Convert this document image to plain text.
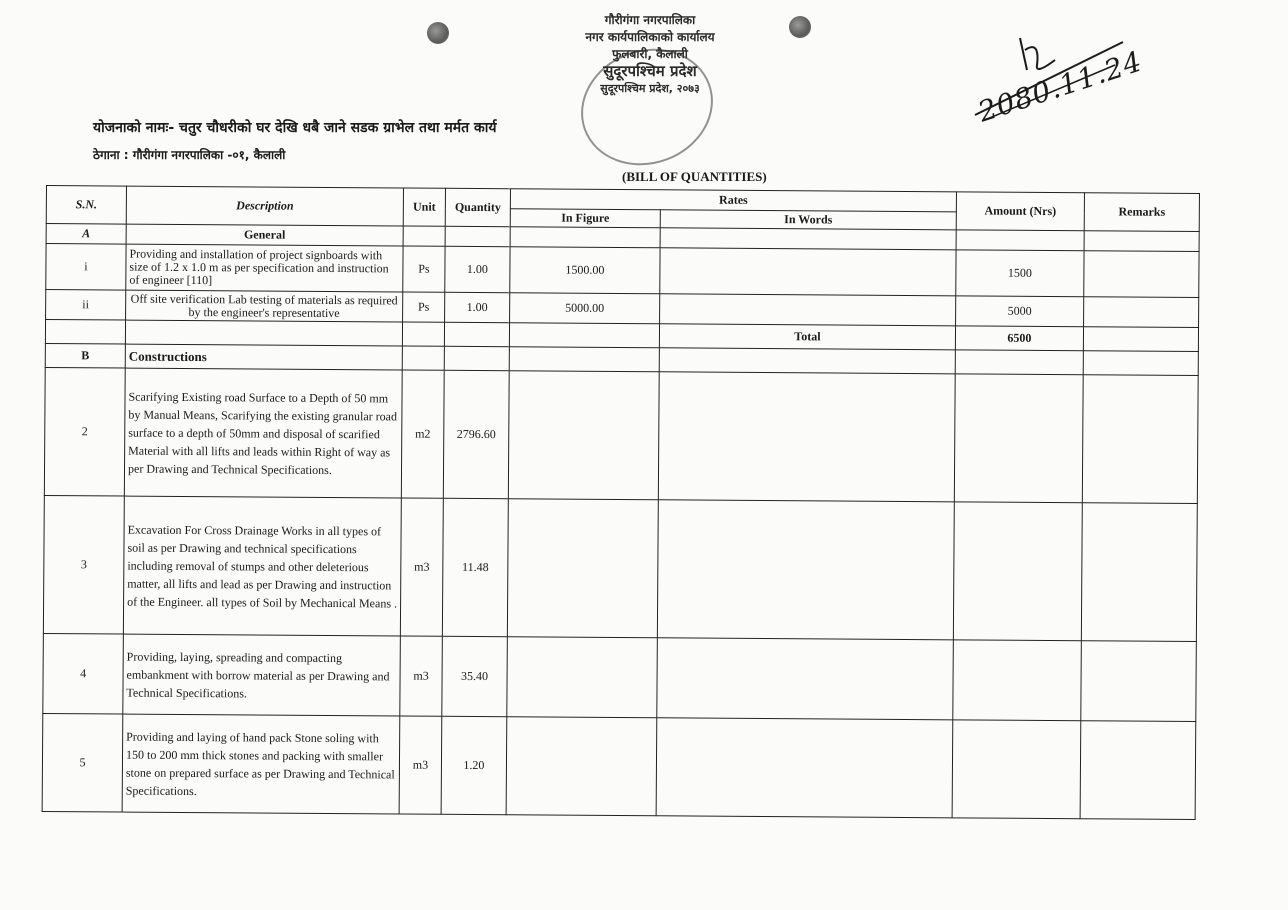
गौरीगंगा नगरपालिका
नगर कार्यपालिकाको कार्यालय
फुलबारी, कैलाली
सुदूरपश्चिम प्रदेश
सुदूरपश्चिम प्रदेश, २०७३	2080.11.24
योजनाको नामः- चतुर चौधरीको घर देखि धबै जाने सडक ग्राभेल तथा मर्मत कार्य
ठेगाना : गौरीगंगा नगरपालिका -०१, कैलाली
(BILL OF QUANTITIES)
S.N.	Description	Unit	Quantity	Rates		Amount (Nrs)	Remarks
				In Figure	In Words		
A	General						
i	Providing and installation of project signboards with size of 1.2 x 1.0 m as per specification and instruction of engineer [110]	Ps	1.00	1500.00		1500	
ii	Off site verification Lab testing of materials as required by the engineer's representative	Ps	1.00	5000.00		5000	
					Total	6500	
B	Constructions						
2	Scarifying Existing road Surface to a Depth of 50 mm by Manual Means, Scarifying the existing granular road surface to a depth of 50mm and disposal of scarified Material with all lifts and leads within Right of way as per Drawing and Technical Specifications.	m2	2796.60				
3	Excavation For Cross Drainage Works in all types of soil as per Drawing and technical specifications including removal of stumps and other deleterious matter, all lifts and lead as per Drawing and instruction of the Engineer. all types of Soil by Mechanical Means .	m3	11.48				
4	Providing, laying, spreading and compacting embankment with borrow material as per Drawing and Technical Specifications.	m3	35.40				
5	Providing and laying of hand pack Stone soling with 150 to 200 mm thick stones and packing with smaller stone on prepared surface as per Drawing and Technical Specifications.	m3	1.20				
